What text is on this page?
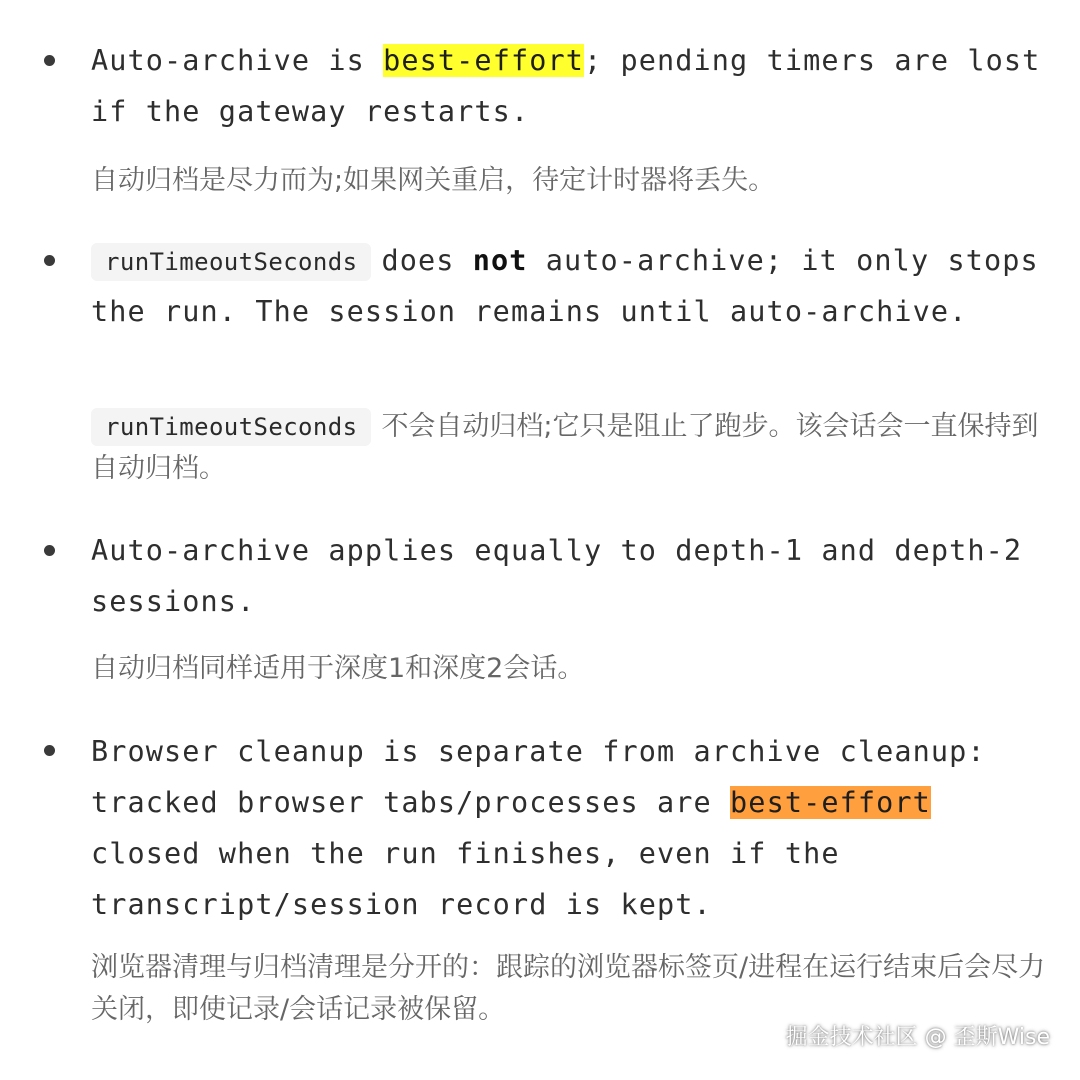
Auto-archive is best-effort; pending timers are lost if the gateway restarts.

自动归档是尽力而为;如果网关重启，待定计时器将丢失。

runTimeoutSeconds does not auto-archive; it only stops the run. The session remains until auto-archive.

runTimeoutSeconds 不会自动归档;它只是阻止了跑步。该会话会一直保持到自动归档。

Auto-archive applies equally to depth-1 and depth-2 sessions.

自动归档同样适用于深度1和深度2会话。

Browser cleanup is separate from archive cleanup: tracked browser tabs/processes are best-effort closed when the run finishes, even if the transcript/session record is kept.

浏览器清理与归档清理是分开的：跟踪的浏览器标签页/进程在运行结束后会尽力关闭，即使记录/会话记录被保留。

掘金技术社区 @ 歪斯Wise
